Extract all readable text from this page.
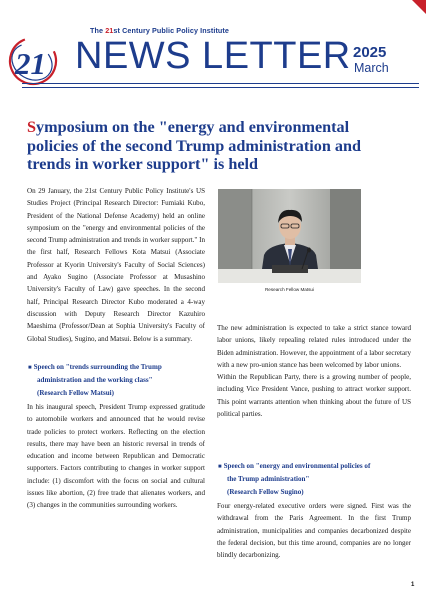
21
The 21st Century Public Policy Institute
NEWS LETTER 2025
March
Symposium on the "energy and environmental policies of the second Trump administration and trends in worker support" is held

On 29 January, the 21st Century Public Policy Institute's US Studies Project (Principal Research Director: Fumiaki Kubo, President of the National Defense Academy) held an online symposium on the "energy and environmental policies of the second Trump administration and trends in worker support." In the first half, Research Fellows Kota Matsui (Associate Professor at Kyorin University's Faculty of Social Sciences) and Ayako Sugino (Associate Professor at Musashino University's Faculty of Law) gave speeches. In the second half, Principal Research Director Kubo moderated a 4-way discussion with Deputy Research Director Kazuhiro Maeshima (Professor/Dean at Sophia University's Faculty of Global Studies), Sugino, and Matsui. Below is a summary.

■ Speech on "trends surrounding the Trump
administration and the working class"
(Research Fellow Matsui)

In his inaugural speech, President Trump expressed gratitude to automobile workers and announced that he would revise trade policies to protect workers. Reflecting on the election results, there may have been an historic reversal in trends of education and income between Republican and Democratic supporters. Factors contributing to changes in worker support include: (1) discomfort with the focus on social and cultural issues like abortion, (2) free trade that alienates workers, and (3) changes in the communities surrounding workers.

Research Fellow Matsui

The new administration is expected to take a strict stance toward labor unions, likely repealing related rules introduced under the Biden administration. However, the appointment of a labor secretary with a new pro-union stance has been welcomed by labor unions.

Within the Republican Party, there is a growing number of people, including Vice President Vance, pushing to attract worker support. This point warrants attention when thinking about the future of US political parties.

■ Speech on "energy and environmental policies of
the Trump administration"
(Research Fellow Sugino)

Four energy-related executive orders were signed. First was the withdrawal from the Paris Agreement. In the first Trump administration, municipalities and companies decarbonized despite the federal decision, but this time around, companies are no longer blindly decarbonizing.

1
